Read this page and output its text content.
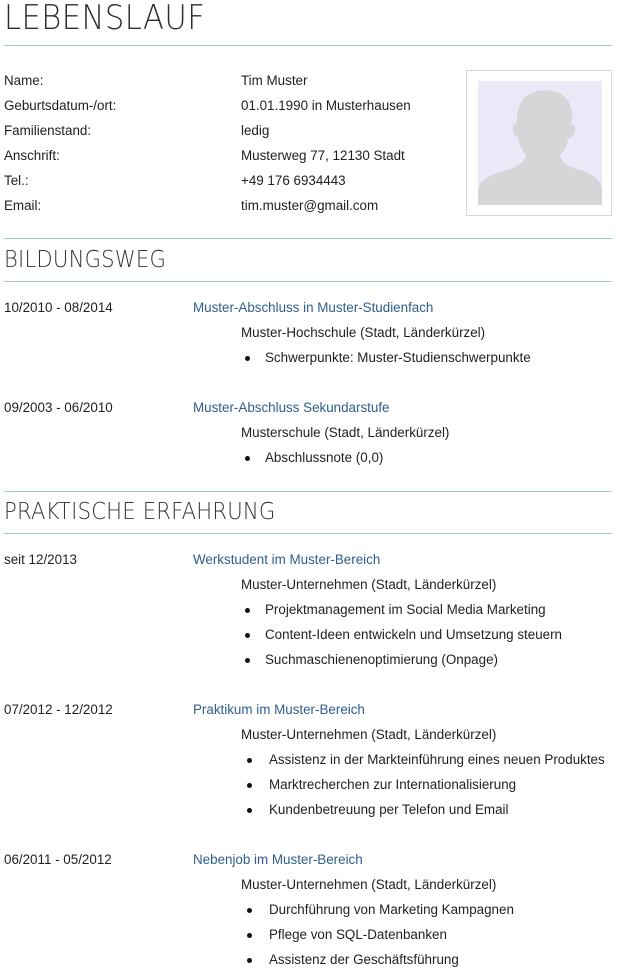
LEBENSLAUF
Name:	Tim Muster
Geburtsdatum-/ort:	01.01.1990 in Musterhausen
Familienstand:	ledig
Anschrift:	Musterweg 77, 12130 Stadt
Tel.:	+49 176 6934443
Email:	tim.muster@gmail.com
BILDUNGSWEG
10/2010 - 08/2014	Muster-Abschluss in Muster-Studienfach
Muster-Hochschule (Stadt, Länderkürzel)
Schwerpunkte: Muster-Studienschwerpunkte
09/2003 - 06/2010	Muster-Abschluss Sekundarstufe
Musterschule (Stadt, Länderkürzel)
Abschlussnote (0,0)
PRAKTISCHE ERFAHRUNG
seit 12/2013	Werkstudent im Muster-Bereich
Muster-Unternehmen (Stadt, Länderkürzel)
Projektmanagement im Social Media Marketing
Content-Ideen entwickeln und Umsetzung steuern
Suchmaschienenoptimierung (Onpage)
07/2012 - 12/2012	Praktikum im Muster-Bereich
Muster-Unternehmen (Stadt, Länderkürzel)
Assistenz in der Markteinführung eines neuen Produktes
Marktrecherchen zur Internationalisierung
Kundenbetreuung per Telefon und Email
06/2011 - 05/2012	Nebenjob im Muster-Bereich
Muster-Unternehmen (Stadt, Länderkürzel)
Durchführung von Marketing Kampagnen
Pflege von SQL-Datenbanken
Assistenz der Geschäftsführung
